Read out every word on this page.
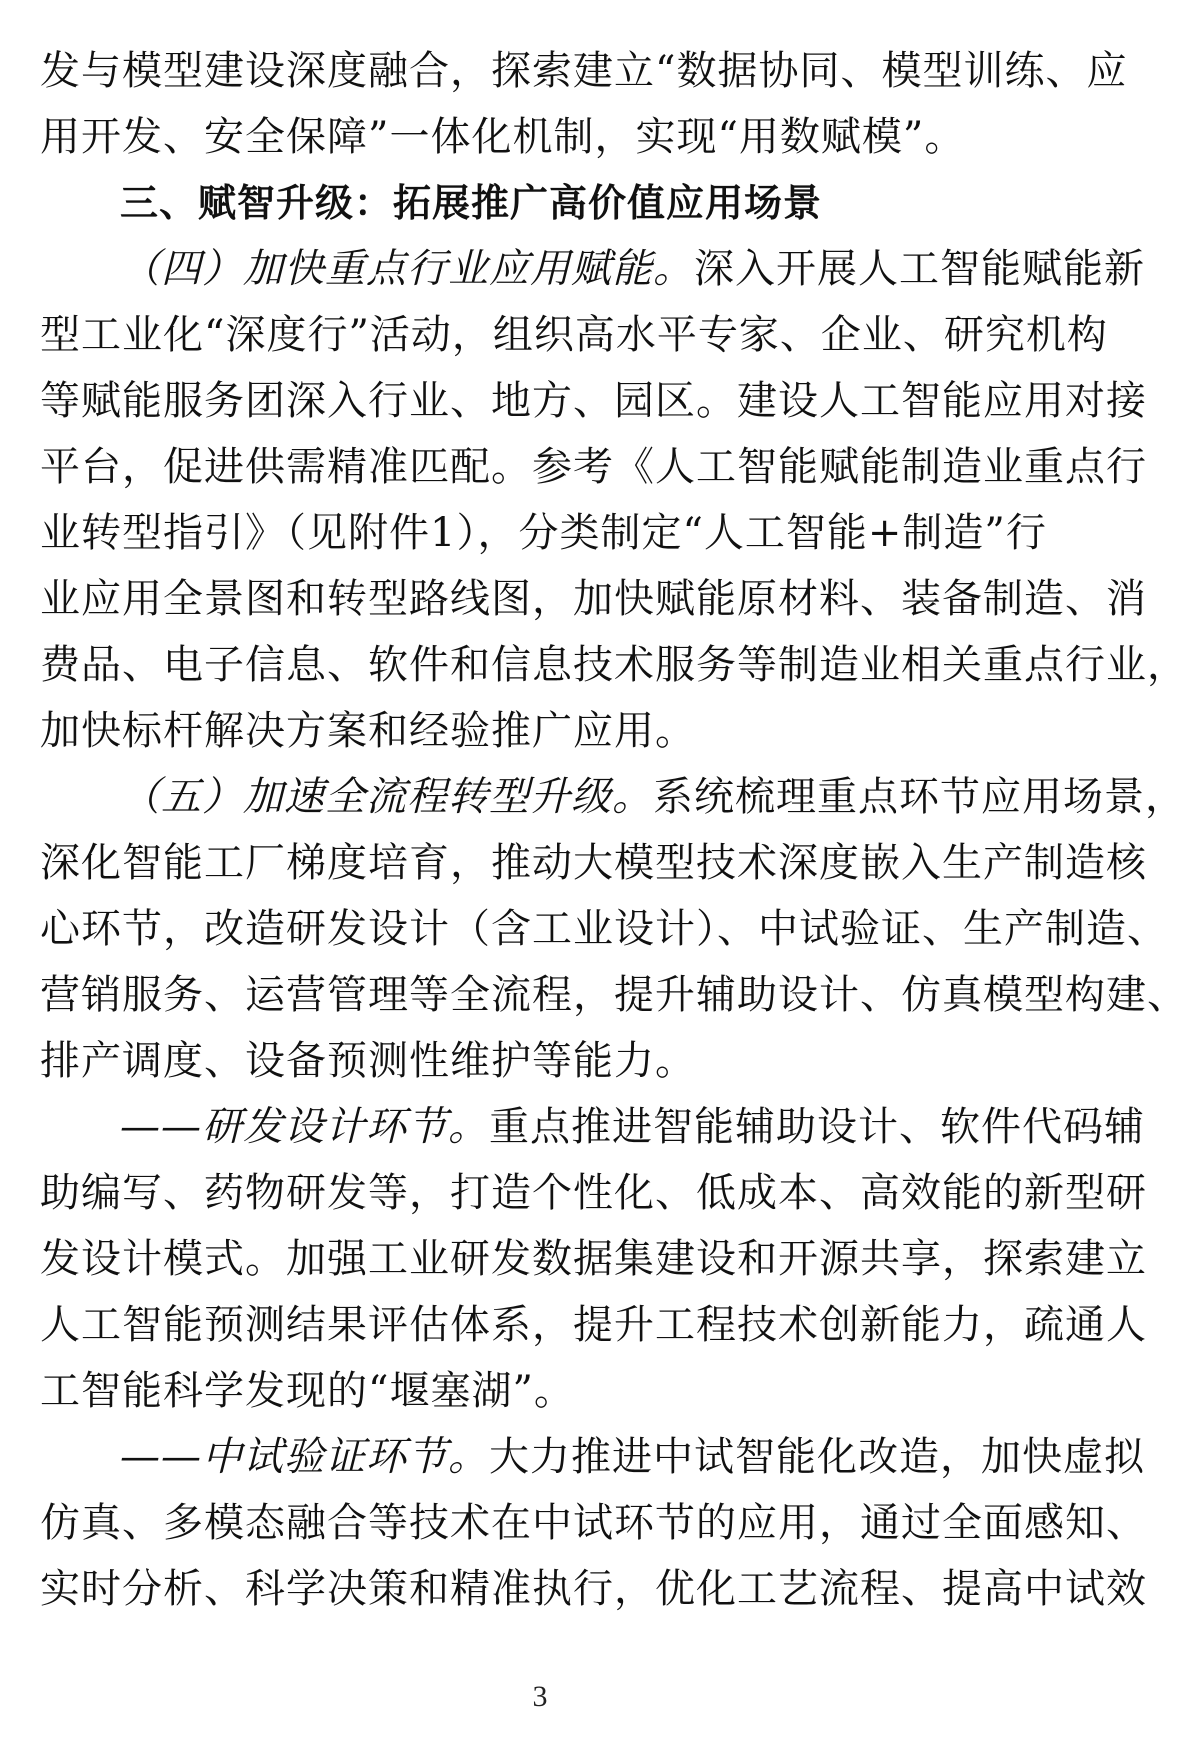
发与模型建设深度融合，探索建立“数据协同、模型训练、应
用开发、安全保障”一体化机制，实现“用数赋模”。
三、赋智升级：拓展推广高价值应用场景
（四）加快重点行业应用赋能。深入开展人工智能赋能新
型工业化“深度行”活动，组织高水平专家、企业、研究机构
等赋能服务团深入行业、地方、园区。建设人工智能应用对接
平台，促进供需精准匹配。参考《人工智能赋能制造业重点行
业转型指引》（见附件1），分类制定“人工智能+制造”行
业应用全景图和转型路线图，加快赋能原材料、装备制造、消
费品、电子信息、软件和信息技术服务等制造业相关重点行业，
加快标杆解决方案和经验推广应用。
（五）加速全流程转型升级。系统梳理重点环节应用场景，
深化智能工厂梯度培育，推动大模型技术深度嵌入生产制造核
心环节，改造研发设计（含工业设计）、中试验证、生产制造、
营销服务、运营管理等全流程，提升辅助设计、仿真模型构建、
排产调度、设备预测性维护等能力。
——研发设计环节。重点推进智能辅助设计、软件代码辅
助编写、药物研发等，打造个性化、低成本、高效能的新型研
发设计模式。加强工业研发数据集建设和开源共享，探索建立
人工智能预测结果评估体系，提升工程技术创新能力，疏通人
工智能科学发现的“堰塞湖”。
——中试验证环节。大力推进中试智能化改造，加快虚拟
仿真、多模态融合等技术在中试环节的应用，通过全面感知、
实时分析、科学决策和精准执行，优化工艺流程、提高中试效
3
